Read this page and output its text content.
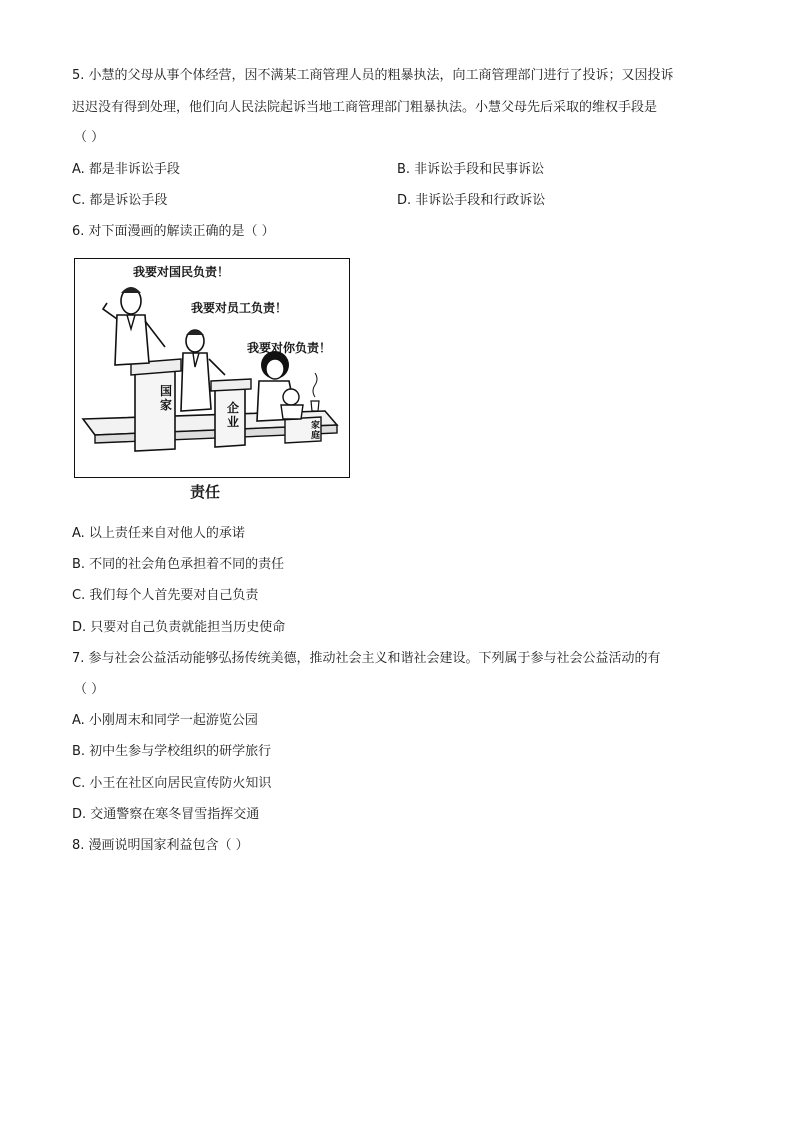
5. 小慧的父母从事个体经营，因不满某工商管理人员的粗暴执法，向工商管理部门进行了投诉；又因投诉
迟迟没有得到处理，他们向人民法院起诉当地工商管理部门粗暴执法。小慧父母先后采取的维权手段是
（ ）
A. 都是非诉讼手段	B. 非诉讼手段和民事诉讼
C. 都是诉讼手段	D. 非诉讼手段和行政诉讼
6. 对下面漫画的解读正确的是（ ）
我要对国民负责！
我要对员工负责！
我要对你负责！
国家	企业	家庭
责任
A. 以上责任来自对他人的承诺
B. 不同的社会角色承担着不同的责任
C. 我们每个人首先要对自己负责
D. 只要对自己负责就能担当历史使命
7. 参与社会公益活动能够弘扬传统美德，推动社会主义和谐社会建设。下列属于参与社会公益活动的有
（ ）
A. 小刚周末和同学一起游览公园
B. 初中生参与学校组织的研学旅行
C. 小王在社区向居民宣传防火知识
D. 交通警察在寒冬冒雪指挥交通
8. 漫画说明国家利益包含（ ）
